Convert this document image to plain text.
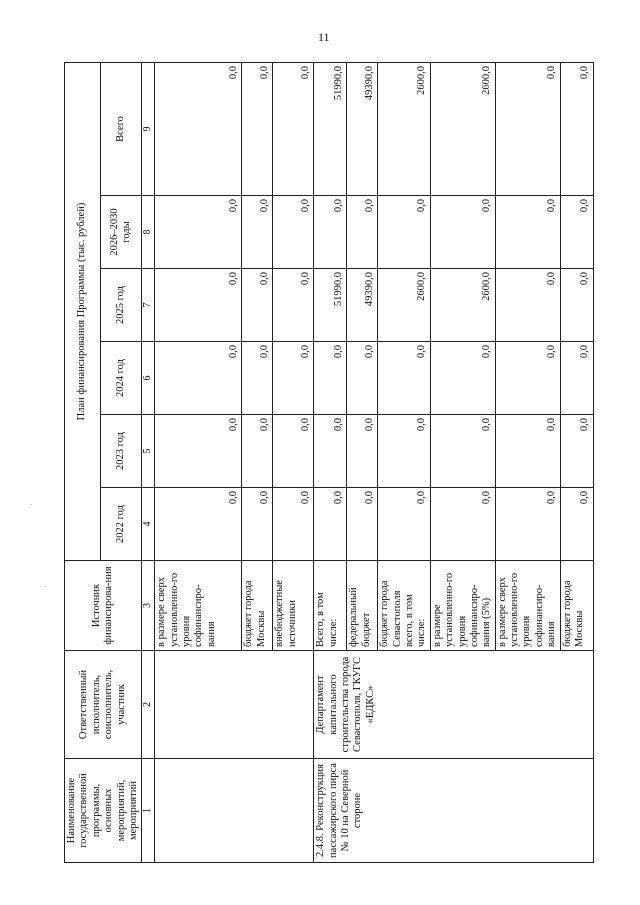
11
.
.
Наименование государственной программы, основных мероприятий, мероприятий	Ответственный исполнитель, соисполнитель, участник	Источник финансирова-ния	План финансирования Программы (тыс. рублей)					
			2022 год	2023 год	2024 год	2025 год	2026–2030 годы	Всего
1	2	3	4	5	6	7	8	9
		в размере сверх установленно-го уровня софинансиро-вания	0,0	0,0	0,0	0,0	0,0	0,0
		бюджет города Москвы	0,0	0,0	0,0	0,0	0,0	0,0
		внебюджетные источники	0,0	0,0	0,0	0,0	0,0	0,0
2.4.8. Реконструкция пассажирского пирса № 10 на Северной стороне	Департамент капитального строительства города Севастополя, ГКУГС «ЕДКС»	Всего, в том числе:	0,0	0,0	0,0	51990,0	0,0	51990,0
		федеральный бюджет	0,0	0,0	0,0	49390,0	0,0	49390,0
		бюджет города Севастополя всего, в том числе:	0,0	0,0	0,0	2600,0	0,0	2600,0
		в размере установленно-го уровня софинансиро-вания (5%)	0,0	0,0	0,0	2600,0	0,0	2600,0
		в размере сверх установленно-го уровня софинансиро-вания	0,0	0,0	0,0	0,0	0,0	0,0
		бюджет города Москвы	0,0	0,0	0,0	0,0	0,0	0,0
